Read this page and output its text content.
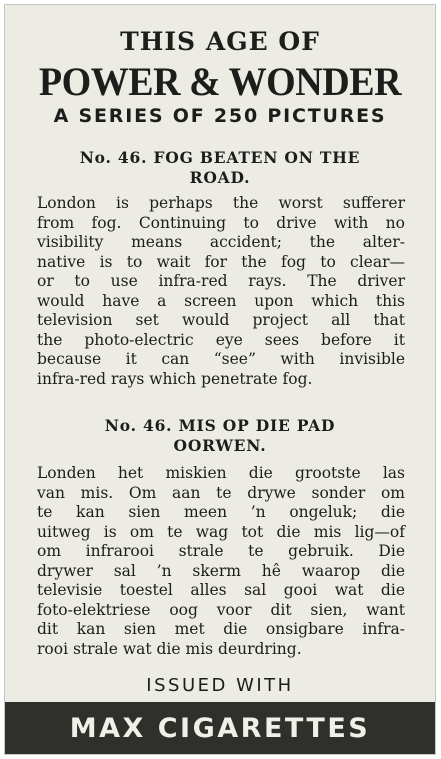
THIS AGE OF
POWER & WONDER
A SERIES OF 250 PICTURES
No. 46. FOG BEATEN ON THE
ROAD.
London is perhaps the worst sufferer
from fog. Continuing to drive with no
visibility means accident; the alter-
native is to wait for the fog to clear—
or to use infra-red rays. The driver
would have a screen upon which this
television set would project all that
the photo-electric eye sees before it
because it can “see” with invisible
infra-red rays which penetrate fog.
No. 46. MIS OP DIE PAD
OORWEN.
Londen het miskien die grootste las
van mis. Om aan te drywe sonder om
te kan sien meen ’n ongeluk; die
uitweg is om te wag tot die mis lig—of
om infrarooi strale te gebruik. Die
drywer sal ’n skerm hê waarop die
televisie toestel alles sal gooi wat die
foto-elektriese oog voor dit sien, want
dit kan sien met die onsigbare infra-
rooi strale wat die mis deurdring.
ISSUED WITH
MAX CIGARETTES
